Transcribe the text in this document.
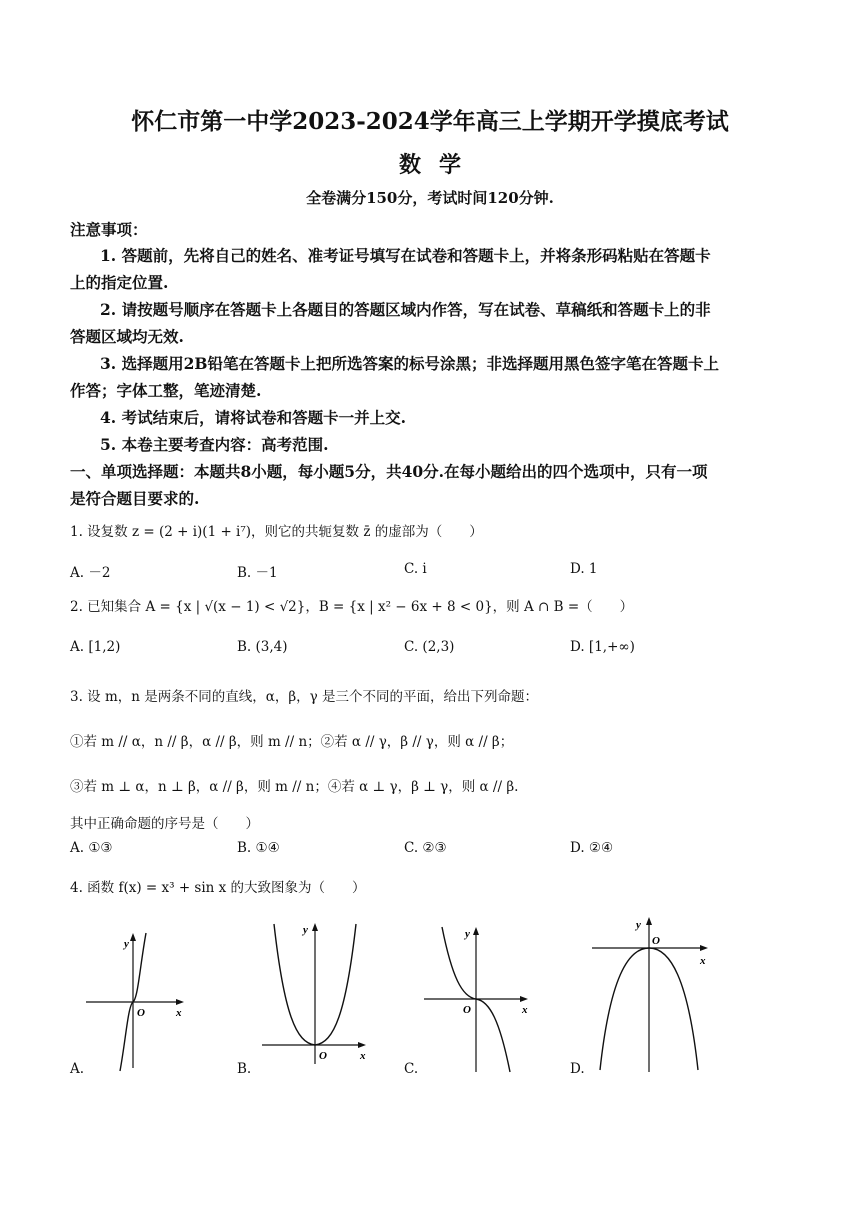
怀仁市第一中学2023-2024学年高三上学期开学摸底考试
数学
全卷满分150分，考试时间120分钟.
注意事项：
1. 答题前，先将自己的姓名、准考证号填写在试卷和答题卡上，并将条形码粘贴在答题卡
上的指定位置.
2. 请按题号顺序在答题卡上各题目的答题区域内作答，写在试卷、草稿纸和答题卡上的非
答题区域均无效.
3. 选择题用2B铅笔在答题卡上把所选答案的标号涂黑；非选择题用黑色签字笔在答题卡上
作答；字体工整，笔迹清楚.
4. 考试结束后，请将试卷和答题卡一并上交.
5. 本卷主要考查内容：高考范围.
一、单项选择题：本题共8小题，每小题5分，共40分.在每小题给出的四个选项中，只有一项
是符合题目要求的.
1. 设复数 z = (2 + i)(1 + i⁷)，则它的共轭复数 z̄ 的虚部为（　　）
A. －2	B. －1	C. i	D. 1
2. 已知集合 A = {x | √(x − 1) < √2}，B = {x | x² − 6x + 8 < 0}，则 A ∩ B =（　　）
A. [1,2)	B. (3,4)	C. (2,3)	D. [1,+∞)
3. 设 m，n 是两条不同的直线，α，β，γ 是三个不同的平面，给出下列命题：
①若 m // α，n // β，α // β，则 m // n；②若 α // γ，β // γ，则 α // β；
③若 m ⊥ α，n ⊥ β，α // β，则 m // n；④若 α ⊥ γ，β ⊥ γ，则 α // β.
其中正确命题的序号是（　　）
A. ①③	B. ①④	C. ②③	D. ②④
4. 函数 f(x) = x³ + sin x 的大致图象为（　　）
y
x
O
A.
y
x
O
B.
y
x
O
C.
y
x
O
D.
